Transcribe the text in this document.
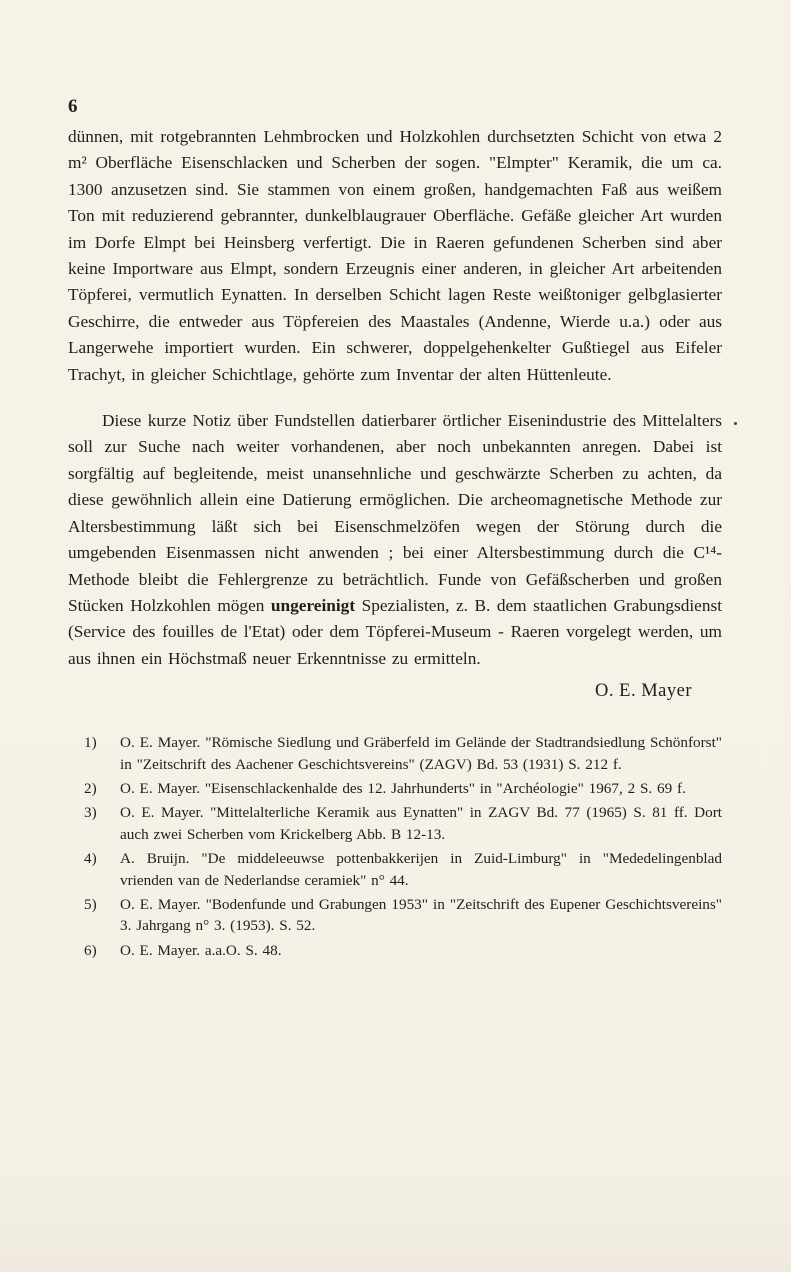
6

dünnen, mit rotgebrannten Lehmbrocken und Holzkohlen durchsetzten Schicht von etwa 2 m² Oberfläche Eisenschlacken und Scherben der sogen. "Elmpter" Keramik, die um ca. 1300 anzusetzen sind. Sie stammen von einem großen, handgemachten Faß aus weißem Ton mit reduzierend gebrannter, dunkelblaugrauer Oberfläche. Gefäße gleicher Art wurden im Dorfe Elmpt bei Heinsberg verfertigt. Die in Raeren gefundenen Scherben sind aber keine Importware aus Elmpt, sondern Erzeugnis einer anderen, in gleicher Art arbeitenden Töpferei, vermutlich Eynatten. In derselben Schicht lagen Reste weißtoniger gelbglasierter Geschirre, die entweder aus Töpfereien des Maastales (Andenne, Wierde u.a.) oder aus Langerwehe importiert wurden. Ein schwerer, doppelgehenkelter Gußtiegel aus Eifeler Trachyt, in gleicher Schichtlage, gehörte zum Inventar der alten Hüttenleute.

Diese kurze Notiz über Fundstellen datierbarer örtlicher Eisenindustrie des Mittelalters soll zur Suche nach weiter vorhandenen, aber noch unbekannten anregen. Dabei ist sorgfältig auf begleitende, meist unansehnliche und geschwärzte Scherben zu achten, da diese gewöhnlich allein eine Datierung ermöglichen. Die archeomagnetische Methode zur Altersbestimmung läßt sich bei Eisenschmelzöfen wegen der Störung durch die umgebenden Eisenmassen nicht anwenden ; bei einer Altersbestimmung durch die C¹⁴-Methode bleibt die Fehlergrenze zu beträchtlich. Funde von Gefäßscherben und großen Stücken Holzkohlen mögen ungereinigt Spezialisten, z. B. dem staatlichen Grabungsdienst (Service des fouilles de l'Etat) oder dem Töpferei-Museum - Raeren vorgelegt werden, um aus ihnen ein Höchstmaß neuer Erkenntnisse zu ermitteln.

O. E. Mayer
1)	O. E. Mayer. "Römische Siedlung und Gräberfeld im Gelände der Stadtrandsiedlung Schönforst" in "Zeitschrift des Aachener Geschichtsvereins" (ZAGV) Bd. 53 (1931) S. 212 f.
2)	O. E. Mayer. "Eisenschlackenhalde des 12. Jahrhunderts" in "Archéologie" 1967, 2 S. 69 f.
3)	O. E. Mayer. "Mittelalterliche Keramik aus Eynatten" in ZAGV Bd. 77 (1965) S. 81 ff. Dort auch zwei Scherben vom Krickelberg Abb. B 12-13.
4)	A. Bruijn. "De middeleeuwse pottenbakkerijen in Zuid-Limburg" in "Mededelingenblad vrienden van de Nederlandse ceramiek" n° 44.
5)	O. E. Mayer. "Bodenfunde und Grabungen 1953" in "Zeitschrift des Eupener Geschichtsvereins" 3. Jahrgang n° 3. (1953). S. 52.
6)	O. E. Mayer. a.a.O. S. 48.
